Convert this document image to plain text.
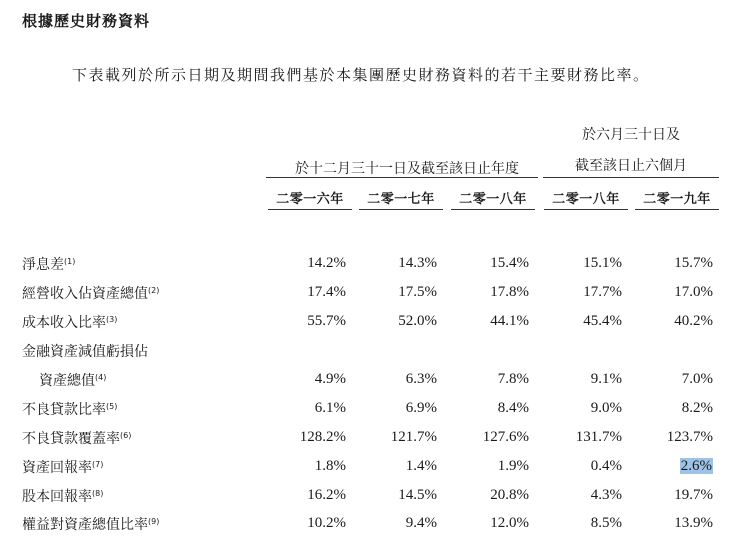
根據歷史財務資料
下表載列於所示日期及期間我們基於本集團歷史財務資料的若干主要財務比率。
於十二月三十一日及截至該日止年度
於六月三十日及
截至該日止六個月
二零一六年	二零一七年	二零一八年	二零一八年	二零一九年
淨息差$^{(1)}$	14.2%	14.3%	15.4%	15.1%	15.7%
經營收入佔資產總值$^{(2)}$	17.4%	17.5%	17.8%	17.7%	17.0%
成本收入比率$^{(3)}$	55.7%	52.0%	44.1%	45.4%	40.2%
金融資產減值虧損佔
資產總值$^{(4)}$	4.9%	6.3%	7.8%	9.1%	7.0%
不良貸款比率$^{(5)}$	6.1%	6.9%	8.4%	9.0%	8.2%
不良貸款覆蓋率$^{(6)}$	128.2%	121.7%	127.6%	131.7%	123.7%
資產回報率$^{(7)}$	1.8%	1.4%	1.9%	0.4%	2.6%
股本回報率$^{(8)}$	16.2%	14.5%	20.8%	4.3%	19.7%
權益對資產總值比率$^{(9)}$	10.2%	9.4%	12.0%	8.5%	13.9%
